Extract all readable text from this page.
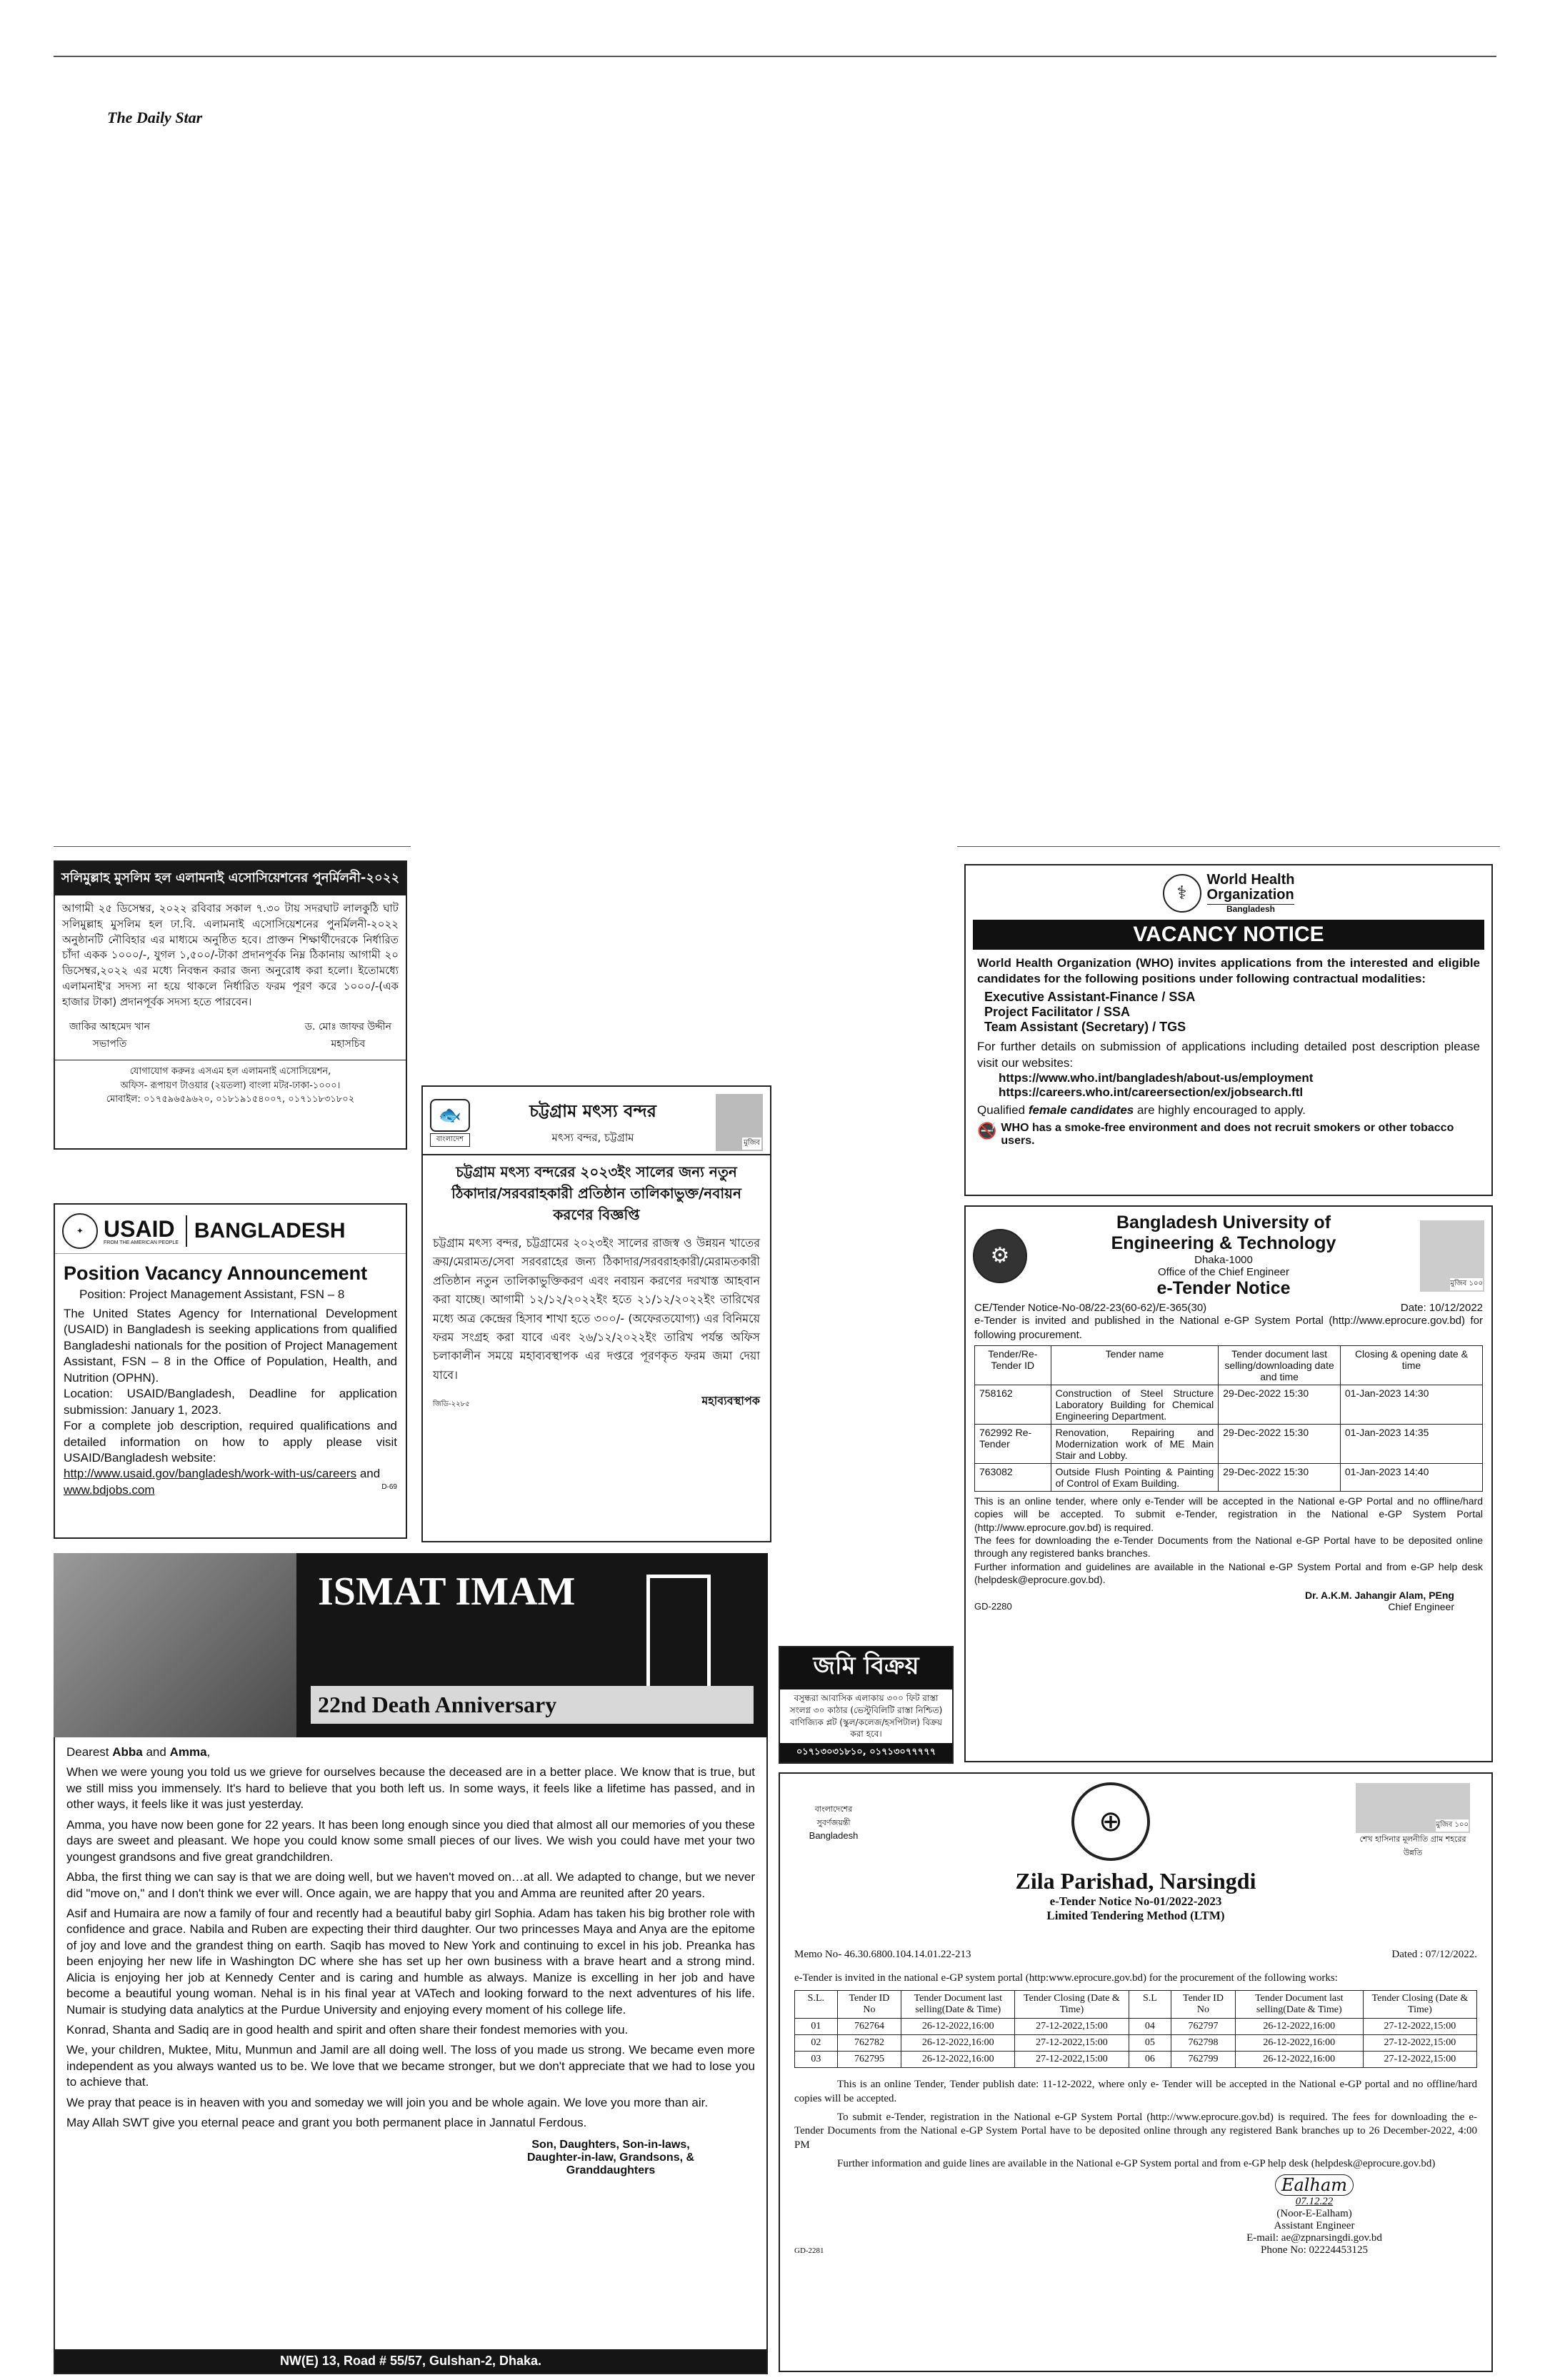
The Daily Star
সলিমুল্লাহ মুসলিম হল এলামনাই এসোসিয়েশনের পুনর্মিলনী-২০২২
আগামী ২৫ ডিসেম্বর, ২০২২ রবিবার সকাল ৭.৩০ টায় সদরঘাট লালকুঠি ঘাট সলিমুল্লাহ মুসলিম হল ঢা.বি. এলামনাই এসোসিয়েশনের পুনর্মিলনী-২০২২ অনুষ্ঠানটি নৌবিহার এর মাধ্যমে অনুষ্ঠিত হবে। প্রাক্তন শিক্ষার্থীদেরকে নির্ধারিত চাঁদা একক ১০০০/-, যুগল ১,৫০০/-টাকা প্রদানপূর্বক নিম্ন ঠিকানায় আগামী ২০ ডিসেম্বর,২০২২ এর মধ্যে নিবন্ধন করার জন্য অনুরোধ করা হলো। ইতোমধ্যে এলামনাই'র সদস্য না হয়ে থাকলে নির্ধারিত ফরম পূরণ করে ১০০০/-(এক হাজার টাকা) প্রদানপূর্বক সদস্য হতে পারবেন।
জাকির আহমেদ খান
সভাপতি
ড. মোঃ জাফর উদ্দীন
মহাসচিব
যোগাযোগ করুনঃ এসএম হল এলামনাই এসোসিয়েশন,
অফিস- রূপায়ণ টাওয়ার (২য়তলা) বাংলা মটর-ঢাকা-১০০০।
মোবাইল: ০১৭৫৯৬৫৯৬২০, ০১৮১৯১৫৪০০৭, ০১৭১১৮৩১৮০২
✦ USAID
FROM THE AMERICAN PEOPLE BANGLADESH
Position Vacancy Announcement
Position: Project Management Assistant, FSN – 8
The United States Agency for International Development (USAID) in Bangladesh is seeking applications from qualified Bangladeshi nationals for the position of Project Management Assistant, FSN – 8 in the Office of Population, Health, and Nutrition (OPHN).
Location: USAID/Bangladesh, Deadline for application submission: January 1, 2023.
For a complete job description, required qualifications and detailed information on how to apply please visit USAID/Bangladesh website:
http://www.usaid.gov/bangladesh/work-with-us/careers and
www.bdjobs.com	D-69
🐟
বাংলাদেশ
চট্টগ্রাম মৎস্য বন্দর
মৎস্য বন্দর, চট্টগ্রাম	মুজিব
চট্টগ্রাম মৎস্য বন্দরের ২০২৩ইং সালের জন্য নতুন ঠিকাদার/সরবরাহকারী প্রতিষ্ঠান তালিকাভুক্ত/নবায়ন করণের বিজ্ঞপ্তি
চট্টগ্রাম মৎস্য বন্দর, চট্টগ্রামের ২০২৩ইং সালের রাজস্ব ও উন্নয়ন খাতের ক্রয়/মেরামত/সেবা সরবরাহের জন্য ঠিকাদার/সরবরাহকারী/মেরামতকারী প্রতিষ্ঠান নতুন তালিকাভুক্তিকরণ এবং নবায়ন করণের দরখাস্ত আহবান করা যাচ্ছে। আগামী ১২/১২/২০২২ইং হতে ২১/১২/২০২২ইং তারিখের মধ্যে অত্র কেন্দ্রের হিসাব শাখা হতে ৩০০/- (অফেরতযোগ্য) এর বিনিময়ে ফরম সংগ্রহ করা যাবে এবং ২৬/১২/২০২২ইং তারিখ পর্যন্ত অফিস চলাকালীন সময়ে মহাব্যবস্থাপক এর দপ্তরে পূরণকৃত ফরম জমা দেয়া যাবে।
জিডি-২২৮৫	মহাব্যবস্থাপক
⚕
World Health
Organization
Bangladesh
VACANCY NOTICE
World Health Organization (WHO) invites applications from the interested and eligible candidates for the following positions under following contractual modalities:
Executive Assistant-Finance / SSA
Project Facilitator / SSA
Team Assistant (Secretary) / TGS
For further details on submission of applications including detailed post description please visit our websites:
https://www.who.int/bangladesh/about-us/employment
https://careers.who.int/careersection/ex/jobsearch.ftl
Qualified female candidates are highly encouraged to apply.
🚭 WHO has a smoke-free environment and does not recruit smokers or other tobacco users.
⚙
Bangladesh University of
Engineering & Technology
Dhaka-1000
Office of the Chief Engineer
e-Tender Notice	মুজিব ১০০
CE/Tender Notice-No-08/22-23(60-62)/E-365(30)	Date: 10/12/2022
e-Tender is invited and published in the National e-GP System Portal (http://www.eprocure.gov.bd) for following procurement.
Tender/Re-Tender ID	Tender name	Tender document last selling/downloading date and time	Closing & opening date & time
758162	Construction of Steel Structure Laboratory Building for Chemical Engineering Department.	29-Dec-2022 15:30	01-Jan-2023 14:30
762992 Re-Tender	Renovation, Repairing and Modernization work of ME Main Stair and Lobby.	29-Dec-2022 15:30	01-Jan-2023 14:35
763082	Outside Flush Pointing & Painting of Control of Exam Building.	29-Dec-2022 15:30	01-Jan-2023 14:40
This is an online tender, where only e-Tender will be accepted in the National e-GP Portal and no offline/hard copies will be accepted. To submit e-Tender, registration in the National e-GP System Portal (http://www.eprocure.gov.bd) is required.
The fees for downloading the e-Tender Documents from the National e-GP Portal have to be deposited online through any registered banks branches.
Further information and guidelines are available in the National e-GP System Portal and from e-GP help desk (helpdesk@eprocure.gov.bd).
Dr. A.K.M. Jahangir Alam, PEng
Chief Engineer
GD-2280
ISMAT IMAM
22nd Death Anniversary
Dearest Abba and Amma,
When we were young you told us we grieve for ourselves because the deceased are in a better place. We know that is true, but we still miss you immensely. It's hard to believe that you both left us. In some ways, it feels like a lifetime has passed, and in other ways, it feels like it was just yesterday.
Amma, you have now been gone for 22 years. It has been long enough since you died that almost all our memories of you these days are sweet and pleasant. We hope you could know some small pieces of our lives. We wish you could have met your two youngest grandsons and five great grandchildren.
Abba, the first thing we can say is that we are doing well, but we haven't moved on…at all. We adapted to change, but we never did "move on," and I don't think we ever will. Once again, we are happy that you and Amma are reunited after 20 years.
Asif and Humaira are now a family of four and recently had a beautiful baby girl Sophia. Adam has taken his big brother role with confidence and grace. Nabila and Ruben are expecting their third daughter. Our two princesses Maya and Anya are the epitome of joy and love and the grandest thing on earth. Saqib has moved to New York and continuing to excel in his job. Preanka has been enjoying her new life in Washington DC where she has set up her own business with a brave heart and a strong mind. Alicia is enjoying her job at Kennedy Center and is caring and humble as always. Manize is excelling in her job and have become a beautiful young woman. Nehal is in his final year at VATech and looking forward to the next adventures of his life. Numair is studying data analytics at the Purdue University and enjoying every moment of his college life.
Konrad, Shanta and Sadiq are in good health and spirit and often share their fondest memories with you.
We, your children, Muktee, Mitu, Munmun and Jamil are all doing well. The loss of you made us strong. We became even more independent as you always wanted us to be. We love that we became stronger, but we don't appreciate that we had to lose you to achieve that.
We pray that peace is in heaven with you and someday we will join you and be whole again. We love you more than air.
May Allah SWT give you eternal peace and grant you both permanent place in Jannatul Ferdous.
Son, Daughters, Son-in-laws,
Daughter-in-law, Grandsons, &
Granddaughters
NW(E) 13, Road # 55/57, Gulshan-2, Dhaka.
জমি বিক্রয়
বসুন্ধরা আবাসিক এলাকায় ৩০০ ফিট রাস্তা সংলগ্ন ৩০ কাঠার (ভেস্টুবিলিটি রাস্তা নিশ্চিত) বাণিজ্যিক প্লট (স্কুল/কলেজ/হসপিটাল) বিক্রয় করা হবে।
০১৭১৩০৩১৮১০, ০১৭১৩০৭৭৭৭৭
বাংলাদেশের সুবর্ণজয়ন্তী
Bangladesh	⊕	মুজিব ১০০
শেখ হাসিনার মূলনীতি গ্রাম শহরের উন্নতি
Zila Parishad, Narsingdi
e-Tender Notice No-01/2022-2023
Limited Tendering Method (LTM)
Memo No- 46.30.6800.104.14.01.22-213	Dated : 07/12/2022.
e-Tender is invited in the national e-GP system portal (http:www.eprocure.gov.bd) for the procurement of the following works:
S.L.	Tender ID No	Tender Document last selling(Date & Time)	Tender Closing (Date & Time)	S.L	Tender ID No	Tender Document last selling(Date & Time)	Tender Closing (Date & Time)
01	762764	26-12-2022,16:00	27-12-2022,15:00	04	762797	26-12-2022,16:00	27-12-2022,15:00
02	762782	26-12-2022,16:00	27-12-2022,15:00	05	762798	26-12-2022,16:00	27-12-2022,15:00
03	762795	26-12-2022,16:00	27-12-2022,15:00	06	762799	26-12-2022,16:00	27-12-2022,15:00
This is an online Tender, Tender publish date: 11-12-2022, where only e- Tender will be accepted in the National e-GP portal and no offline/hard copies will be accepted.
To submit e-Tender, registration in the National e-GP System Portal (http://www.eprocure.gov.bd) is required. The fees for downloading the e-Tender Documents from the National e-GP System Portal have to be deposited online through any registered Bank branches up to 26 December-2022, 4:00 PM
Further information and guide lines are available in the National e-GP System portal and from e-GP help desk (helpdesk@eprocure.gov.bd)
Ealham
07.12.22
(Noor-E-Ealham)
Assistant Engineer
E-mail: ae@zpnarsingdi.gov.bd
Phone No: 02224453125
GD-2281
